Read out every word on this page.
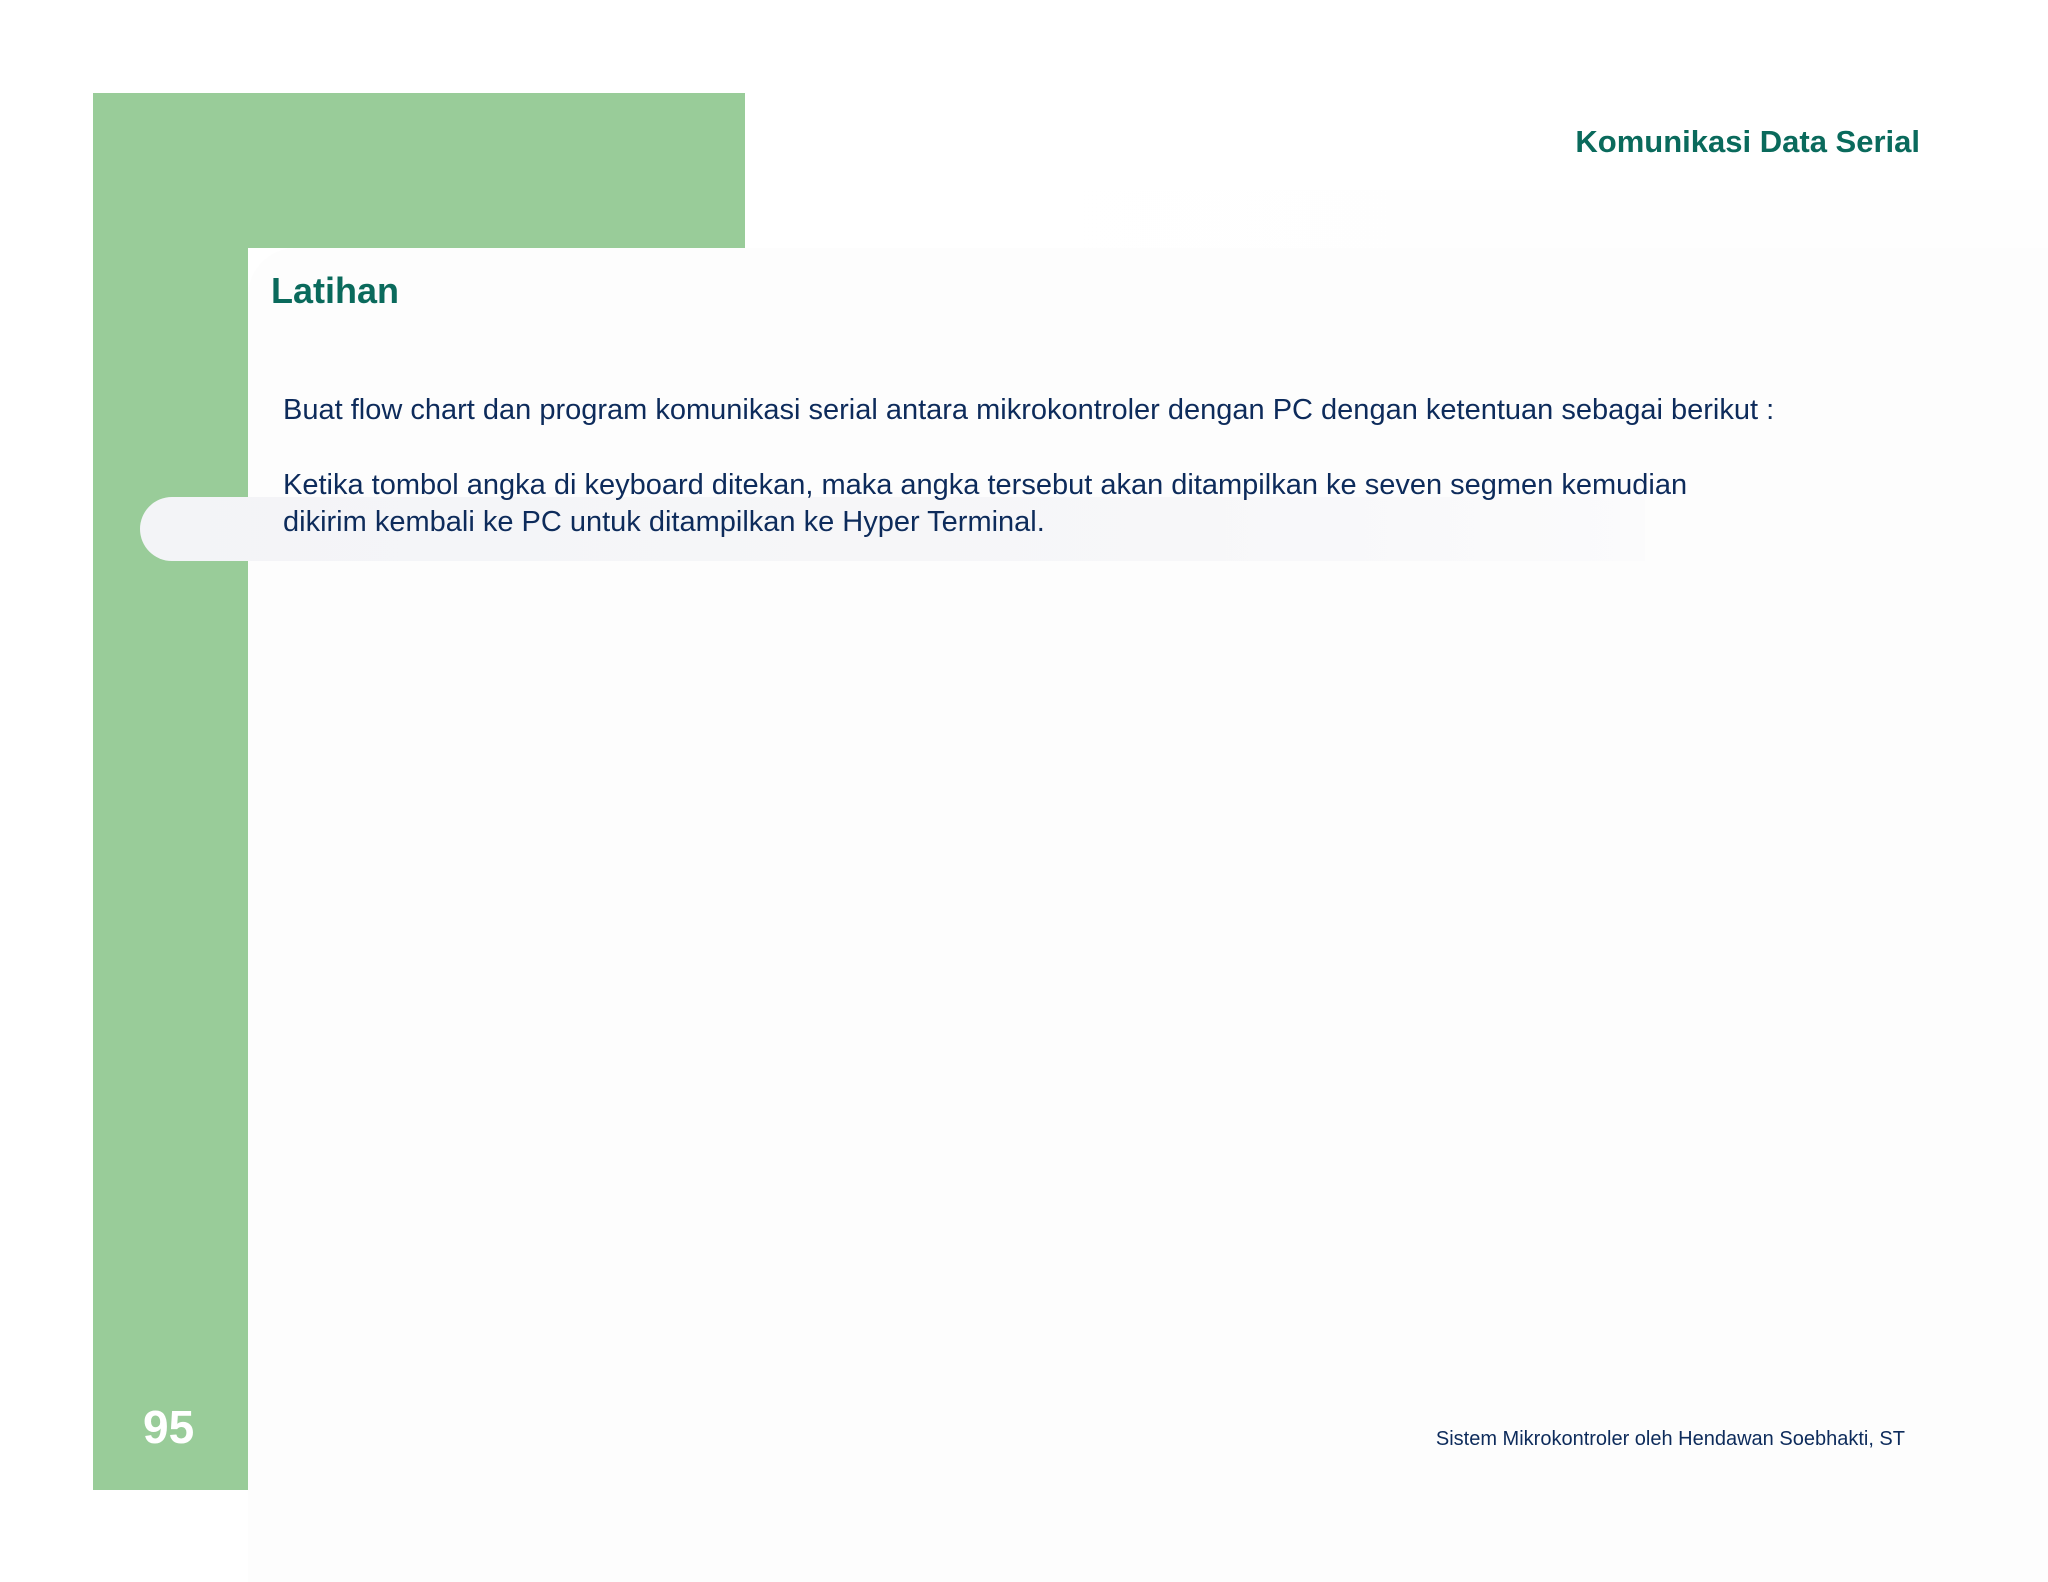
Komunikasi Data Serial
Latihan
Buat flow chart dan program komunikasi serial antara mikrokontroler dengan PC dengan ketentuan sebagai berikut :
Ketika tombol angka di keyboard ditekan, maka angka tersebut akan ditampilkan ke seven segmen kemudian
dikirim kembali ke PC untuk ditampilkan ke Hyper Terminal.
95	Sistem Mikrokontroler oleh Hendawan Soebhakti, ST
